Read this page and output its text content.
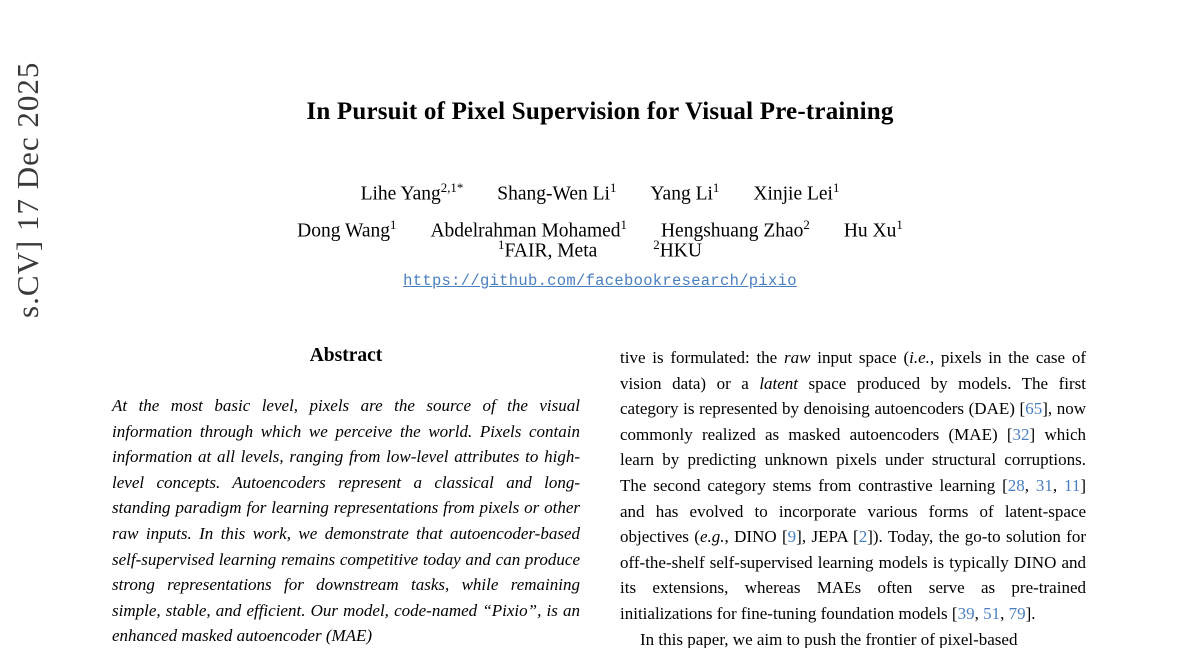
s.CV] 17 Dec 2025	In Pursuit of Pixel Supervision for Visual Pre-training
Lihe Yang$^{2,1*}$ Shang-Wen Li$^1$ Yang Li$^1$ Xinjie Lei$^1$
Dong Wang$^1$ Abdelrahman Mohamed$^1$ Hengshuang Zhao$^2$ Hu Xu$^1$
$^1$FAIR, Meta	$^2$HKU
https://github.com/facebookresearch/pixio
Abstract
At the most basic level, pixels are the source of the visual information through which we perceive the world. Pixels contain information at all levels, ranging from low-level attributes to high-level concepts. Autoencoders represent a classical and long-standing paradigm for learning representations from pixels or other raw inputs. In this work, we demonstrate that autoencoder-based self-supervised learning remains competitive today and can produce strong representations for downstream tasks, while remaining simple, stable, and efficient. Our model, code-named “Pixio”, is an enhanced masked autoencoder (MAE)

tive is formulated: the raw input space (i.e., pixels in the case of vision data) or a latent space produced by models. The first category is represented by denoising autoencoders (DAE) [65], now commonly realized as masked autoencoders (MAE) [32] which learn by predicting unknown pixels under structural corruptions. The second category stems from contrastive learning [28, 31, 11] and has evolved to incorporate various forms of latent-space objectives (e.g., DINO [9], JEPA [2]). Today, the go-to solution for off-the-shelf self-supervised learning models is typically DINO and its extensions, whereas MAEs often serve as pre-trained initializations for fine-tuning foundation models [39, 51, 79].

In this paper, we aim to push the frontier of pixel-based
